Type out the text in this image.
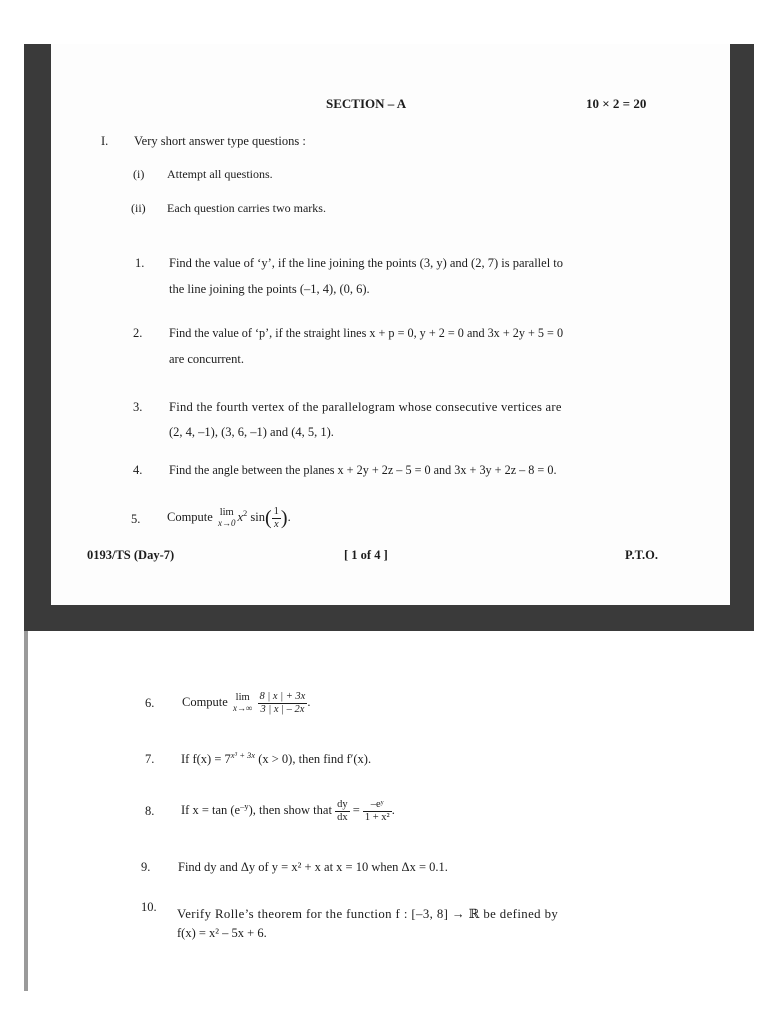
SECTION – A	10 × 2 = 20
I. Very short answer type questions :
(i) Attempt all questions.
(ii) Each question carries two marks.
1. Find the value of ‘y’, if the line joining the points (3, y) and (2, 7) is parallel to
the line joining the points (–1, 4), (0, 6).
2. Find the value of ‘p’, if the straight lines x + p = 0, y + 2 = 0 and 3x + 2y + 5 = 0
are concurrent.
3. Find the fourth vertex of the parallelogram whose consecutive vertices are
(2, 4, –1), (3, 6, –1) and (4, 5, 1).
4. Find the angle between the planes x + 2y + 2z – 5 = 0 and 3x + 3y + 2z – 8 = 0.
5. Compute lim
x→0 $x^2$ $\sin( \frac{1}{x}$ ).
0193/TS (Day-7)	[ 1 of 4 ]	P.T.O.
6. Compute lim
x→∞
$\frac{8 | x | + 3x}{3 | x | - 2x}$ .
7. If $f(x) = 7^{x^3 + 3x}$ (x > 0), then find f′(x).
8. If $x = \tan (e^{-y})$, then show that $\frac{dy}{dx} = \frac{\text{–eʸ}}{\text{1 + x²}}$ .
9. Find dy and Δy of y = x² + x at x = 10 when Δx = 0.1.
10. Verify Rolle’s theorem for the function f : [–3, 8] → ℝ be defined by
f(x) = x² – 5x + 6.
